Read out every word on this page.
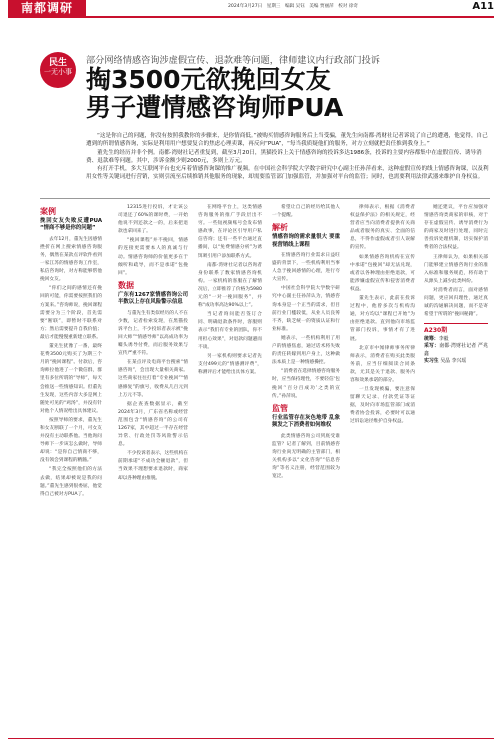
南都调研	2024年3月27日 星期三 编辑 吴钰 美编 贾丽萍 校对 徐奇	A11
民生
一无小事
部分网络情感咨询涉虚假宣传、退款难等问题，律师建议内行政部门投诉
掏3500元欲挽回女友
男子遭情感咨询师PUA

“这是你自己的问题，你没有按照我教你的步骤来，是你情商低。”被购买情感咨询服务后上当受骗，董先生向南都·湾财社记者诉说了自己的遭遇，他觉得，自己遭到的所谓情感咨询，实际是利用用户想要复合的焦虑心理卖课，再反向“PUA”，“每当我质疑他们的服务，对方立刻就把责任推到我身上。”

董先生的经历并非个例。南都·湾财社记者重复到，截至3月20日，黑猫投诉上关于情感咨询的投诉多达1986条，投诉的主要内容都集中在虚假宣传、诱导消费、退款难等问题。其中，涉诉金额少则2000元，多则上万元。

有打开手机，多大互联网平台也充斥着情感咨询课的推广视频。在中国社会科学院大学数字研究中心副主任孙萍看来，这种虚假宣传的线上情感咨询课，以及利用女性等关键词进行营销，实则引流至后续推销其他服务的现象，却需要监管部门加强监管，并加强对平台的监管；同时，也需要利用法律武器来维护自身权益。

案例
挽回女友失败反遭PUA “情商不够是你的问题”

去年12月，董先生因感情挫折在网上搜索情感咨询服务，偶然在某款点评软件看到一家江苏的情感咨询工作室，私信咨询时，对方称能够帮他挽回女友。

“你们之间的感情还有挽回的可能，你需要按照我们的方案来。”咨询师说，挽回课程需要分为三个阶段，首先需要“断联”，即暂时不联系对方；然后需要提升自我价值；最后才能慢慢重新建立联系。

董先生犹豫了一番，最终花费3500元购买了为期三个月的“挽回课程”。付款后，咨询师拉他进了一个微信群，群里有多位所谓的“导师”，每天会推送一些情感知识。但董先生发现，这些内容大多是网上随处可见的“鸡汤”，并没有针对他个人情况给出具体建议。

按照导师的要求，董先生和女友断联了一个月，可女友并没有主动联系他。当他询问导师下一步该怎么做时，导师却说：“是你自己情商不够，没有领会到课程的精髓。”

“我完全按照他们的方法去做，结果却被说是我的问题。”董先生感到很委屈，他觉得自己被对方PUA了。

12315进行投诉，才让该公司退还了60%的课时费，一开始他说不到还款之一的，后来把退款也拿回来了。

“挽回课程”并不挽回，情感的连接更需要本人的真诚与行动。情感咨询师的价值更多在于倾听和疏导，而不是承诺“包挽回”。

数据
广东有1267家情感咨询公司 半数以上存在风险警示信息

与董先生有类似经历的人不在少数，记者检索发现，在黑猫投诉平台上，不少投诉者表示被“挽回大师”“情感导师”以高成功率为噱头诱导付费，而后服务效果与宣传严重不符。

在某点评及电商平台搜索“情感咨询”，会出现大量相关商家。这些商家往往打着“专业挽回”“情感修复”的旗号，收费从几百元到上万元不等。

据企查查数据显示，截至2024年3月，广东省名称或经营范围包含“情感咨询”的公司有1267家，其中超过一半存在经营异常、行政处罚等风险警示信息。

不少投诉者表示，这些机构在前期承诺“不成功全额退款”，但当效果不理想要求退款时，商家却以各种理由推脱。

在网络平台上，这类情感咨询服务的推广手段层出不穷。一些短视频账号会发布情感故事，在评论区引导用户私信咨询；还有一些平台通过直播间，以“免费情感分析”为诱饵吸引用户添加联系方式。

南都·湾财社记者以咨询者身份联系了数家情感咨询机构。一家机构的客服在了解情况后，立即推荐了价格为5980元的“一对一挽回服务”，并称“成功率高达90%以上”。

当记者询问能否签订合同、明确退款条件时，客服则表示“我们有专业的团队，你不用担心效果”，对退款问题避而不谈。

另一家机构则要求记者先支付499元的“情感测评费”，称测评后才能给出具体方案。

希望让自己的经历给其他人一个提醒。

解析
情感咨询的需求量很大 要重视营销线上课程

在情感咨询行业需求日益旺盛的背景下，一些机构利用当事人急于挽回感情的心理，进行夸大宣传。

中国社会科学院大学数字研究中心副主任孙萍认为，情感咨询本身是一个正当的需求，但目前行业门槛较低，从业人员良莠不齐，缺乏统一的资质认证和行业标准。

她表示，一些机构利用了用户的情感焦虑，通过话术将失败的责任转嫁到用户身上，这种做法本质上是一种情感操控。

“消费者在选择情感咨询服务时，应当保持理性，不要轻信‘包挽回’‘百分百成功’之类的宣传。”孙萍说。

监管
行业监管存在灰色地带 乱象频发之下消费者如何维权

此类情感咨询公司到底受谁监管？记者了解到，目前情感咨询行业尚无明确的主管部门，相关机构多以“文化咨询”“信息咨询”等名义注册，经营范围较为宽泛。

律师表示，根据《消费者权益保护法》的相关规定，经营者应当向消费者提供有关商品或者服务的真实、全面的信息，不得作虚假或者引人误解的宣传。

如果情感咨询机构在宣传中承诺“包挽回”却无法兑现，或者以各种理由拒绝退款，可能涉嫌虚假宣传和侵害消费者权益。

董先生表示，此前在投诉过程中，他曾多次与机构沟通，对方均以“课程已开始”为由拒绝退款。直到他向市场监管部门投诉，事情才有了进展。

北京市中闻律师事务所律师表示，消费者在购买此类服务前，应当仔细阅读合同条款，尤其是关于退款、服务内容和效果承诺的部分。

一旦发现被骗，要注意保留聊天记录、付款凭证等证据，及时向市场监管部门或消费者协会投诉，必要时可以通过诉讼途径维护自身权益。

她还建议，平台应加强对情感咨询类商家的审核，对于存在虚假宣传、诱导消费行为的商家及时进行处理，同时完善投诉处理机制，切实保护消费者的合法权益。

王律师认为，如果相关部门能够建立情感咨询行业的准入标准和服务规范，将有助于从源头上减少此类纠纷。

对消费者而言，面对感情问题，更应回归理性，通过真诚的沟通解决问题，而不是寄希望于所谓的“挽回秘籍”。

A230期
统筹：李毅
采写：南都·湾财社记者 严兆鑫
实习生 吴晶 李兴瑶
